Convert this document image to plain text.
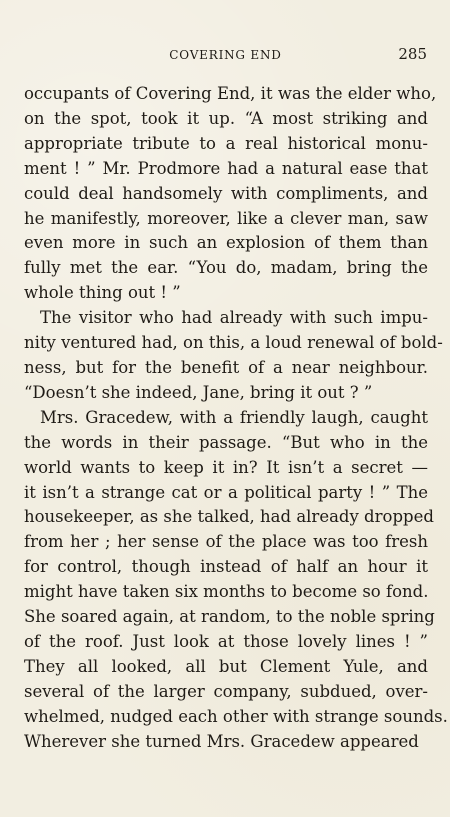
COVERING END	285
occupants of Covering End, it was the elder who,
on the spot, took it up. “A most striking and
appropriate tribute to a real historical monu-
ment ! ” Mr. Prodmore had a natural ease that
could deal handsomely with compliments, and
he manifestly, moreover, like a clever man, saw
even more in such an explosion of them than
fully met the ear. “You do, madam, bring the
whole thing out ! ”
The visitor who had already with such impu-
nity ventured had, on this, a loud renewal of bold-
ness, but for the benefit of a near neighbour.
“Doesn’t she indeed, Jane, bring it out ? ”
Mrs. Gracedew, with a friendly laugh, caught
the words in their passage. “But who in the
world wants to keep it in? It isn’t a secret —
it isn’t a strange cat or a political party ! ” The
housekeeper, as she talked, had already dropped
from her ; her sense of the place was too fresh
for control, though instead of half an hour it
might have taken six months to become so fond.
She soared again, at random, to the noble spring
of the roof. Just look at those lovely lines ! ”
They all looked, all but Clement Yule, and
several of the larger company, subdued, over-
whelmed, nudged each other with strange sounds.
Wherever she turned Mrs. Gracedew appeared
